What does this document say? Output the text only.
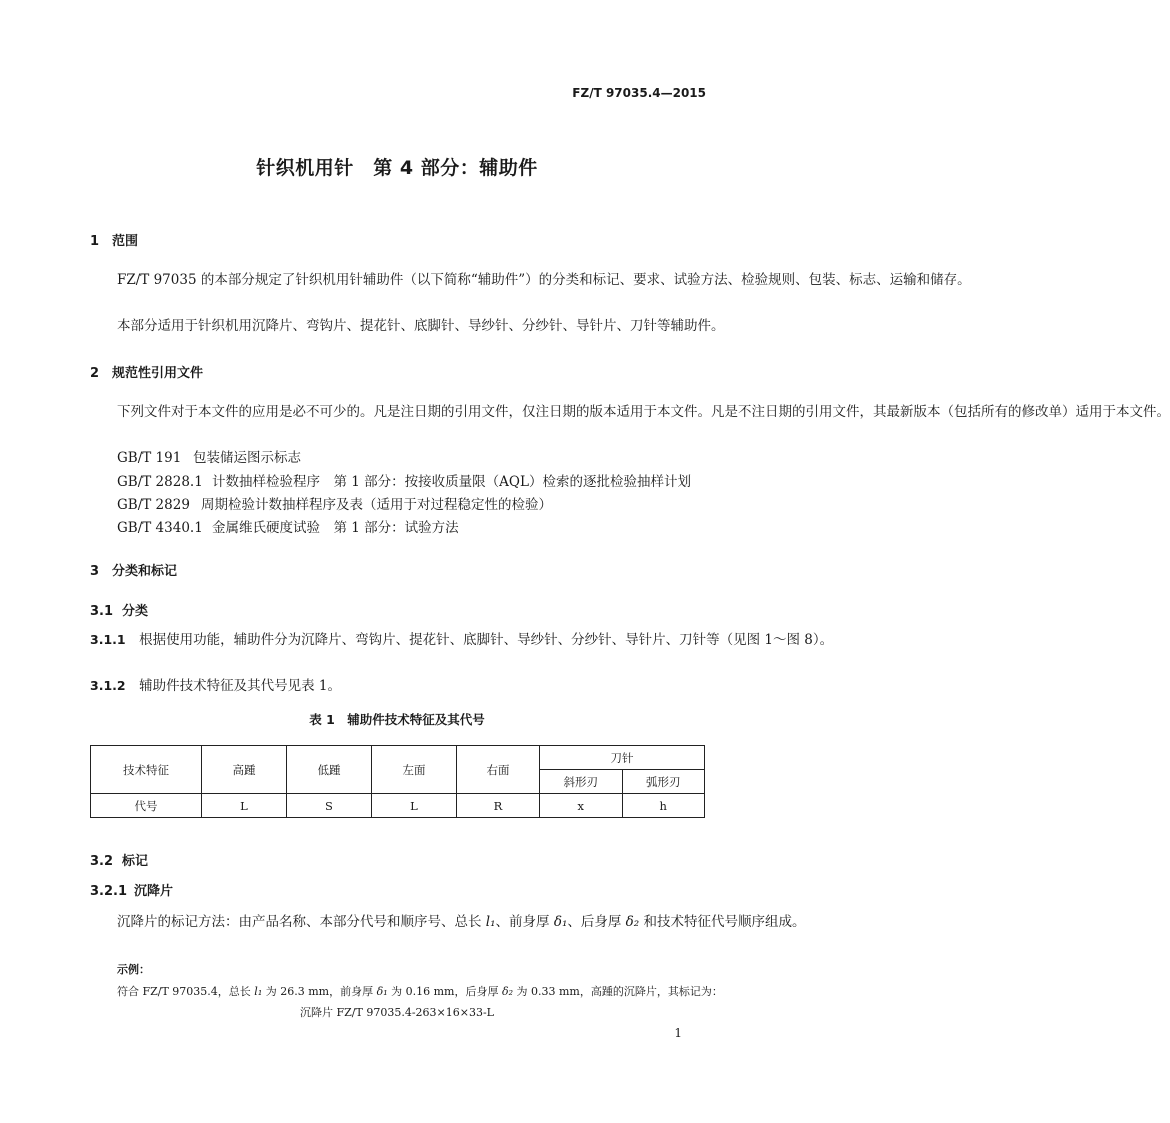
FZ/T 97035.4—2015
针织机用针　第 4 部分：辅助件
1 范围
FZ/T 97035 的本部分规定了针织机用针辅助件（以下简称“辅助件”）的分类和标记、要求、试验方法、检验规则、包装、标志、运输和储存。
本部分适用于针织机用沉降片、弯钩片、提花针、底脚针、导纱针、分纱针、导针片、刀针等辅助件。
2 规范性引用文件
下列文件对于本文件的应用是必不可少的。凡是注日期的引用文件，仅注日期的版本适用于本文件。凡是不注日期的引用文件，其最新版本（包括所有的修改单）适用于本文件。
GB/T 191 包装储运图示标志
GB/T 2828.1 计数抽样检验程序　第 1 部分：按接收质量限（AQL）检索的逐批检验抽样计划
GB/T 2829 周期检验计数抽样程序及表（适用于对过程稳定性的检验）
GB/T 4340.1 金属维氏硬度试验　第 1 部分：试验方法
3 分类和标记
3.1 分类
3.1.1　 根据使用功能，辅助件分为沉降片、弯钩片、提花针、底脚针、导纱针、分纱针、导针片、刀针等（见图 1～图 8）。
3.1.2　 辅助件技术特征及其代号见表 1。
表 1　辅助件技术特征及其代号
技术特征	高踵	低踵	左面	右面	刀针	
					斜形刃	弧形刃
代号	L	S	L	R	x	h
3.2 标记
3.2.1 沉降片
沉降片的标记方法：由产品名称、本部分代号和顺序号、总长 l₁、前身厚 δ₁、后身厚 δ₂ 和技术特征代号顺序组成。
示例：
符合 FZ/T 97035.4，总长 l₁ 为 26.3 mm，前身厚 δ₁ 为 0.16 mm，后身厚 δ₂ 为 0.33 mm，高踵的沉降片，其标记为：
沉降片 FZ/T 97035.4-263×16×33-L
1
